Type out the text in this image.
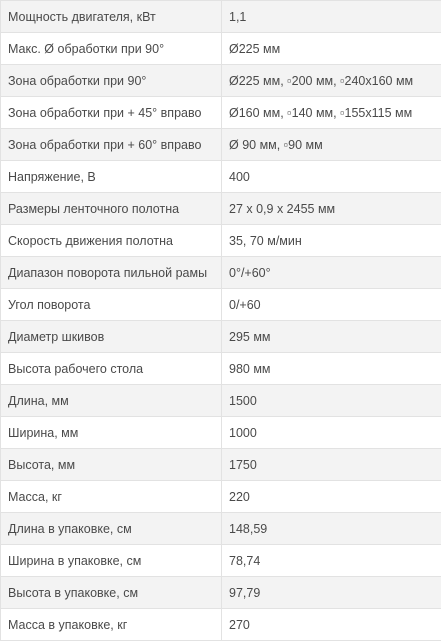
Мощность двигателя, кВт	1,1
Макс. Ø обработки при 90°	Ø225 мм
Зона обработки при 90°	Ø225 мм, ▫200 мм, ▫240x160 мм
Зона обработки при + 45° вправо	Ø160 мм, ▫140 мм, ▫155x115 мм
Зона обработки при + 60° вправо	Ø 90 мм, ▫90 мм
Напряжение, В	400
Размеры ленточного полотна	27 x 0,9 x 2455 мм
Скорость движения полотна	35, 70 м/мин
Диапазон поворота пильной рамы	0°/+60°
Угол поворота	0/+60
Диаметр шкивов	295 мм
Высота рабочего стола	980 мм
Длина, мм	1500
Ширина, мм	1000
Высота, мм	1750
Масса, кг	220
Длина в упаковке, см	148,59
Ширина в упаковке, см	78,74
Высота в упаковке, см	97,79
Масса в упаковке, кг	270
